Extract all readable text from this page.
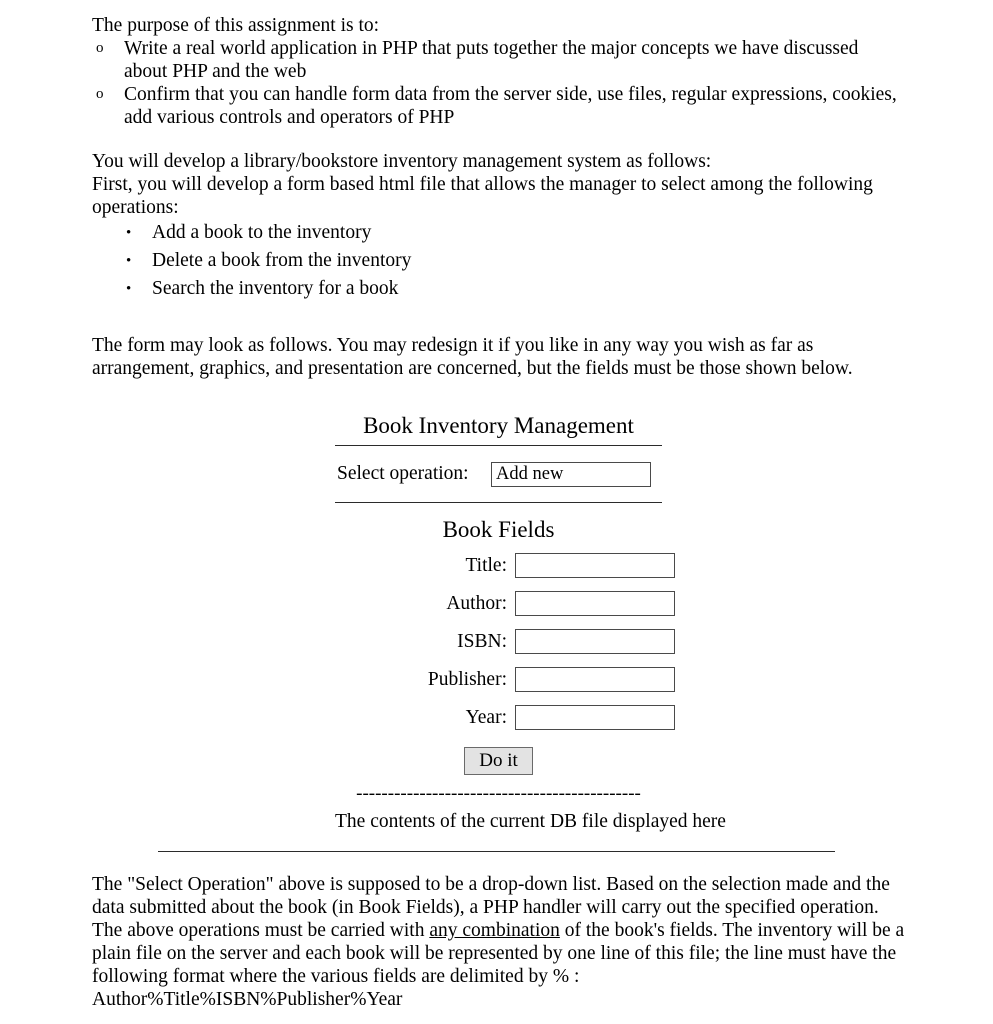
The purpose of this assignment is to:

o Write a real world application in PHP that puts together the major concepts we have discussed about PHP and the web
o Confirm that you can handle form data from the server side, use files, regular expressions, cookies, add various controls and operators of PHP

You will develop a library/bookstore inventory management system as follows:

First, you will develop a form based html file that allows the manager to select among the following operations:

• Add a book to the inventory
• Delete a book from the inventory
• Search the inventory for a book

The form may look as follows. You may redesign it if you like in any way you wish as far as arrangement, graphics, and presentation are concerned, but the fields must be those shown below.

Book Inventory Management
Select operation:
Add new
Book Fields
Title:
Author:
ISBN:
Publisher:
Year:
Do it
---------------------------------------------
The contents of the current DB file displayed here

The "Select Operation" above is supposed to be a drop-down list. Based on the selection made and the data submitted about the book (in Book Fields), a PHP handler will carry out the specified operation. The above operations must be carried with any combination of the book's fields. The inventory will be a plain file on the server and each book will be represented by one line of this file; the line must have the following format where the various fields are delimited by % :

Author%Title%ISBN%Publisher%Year
